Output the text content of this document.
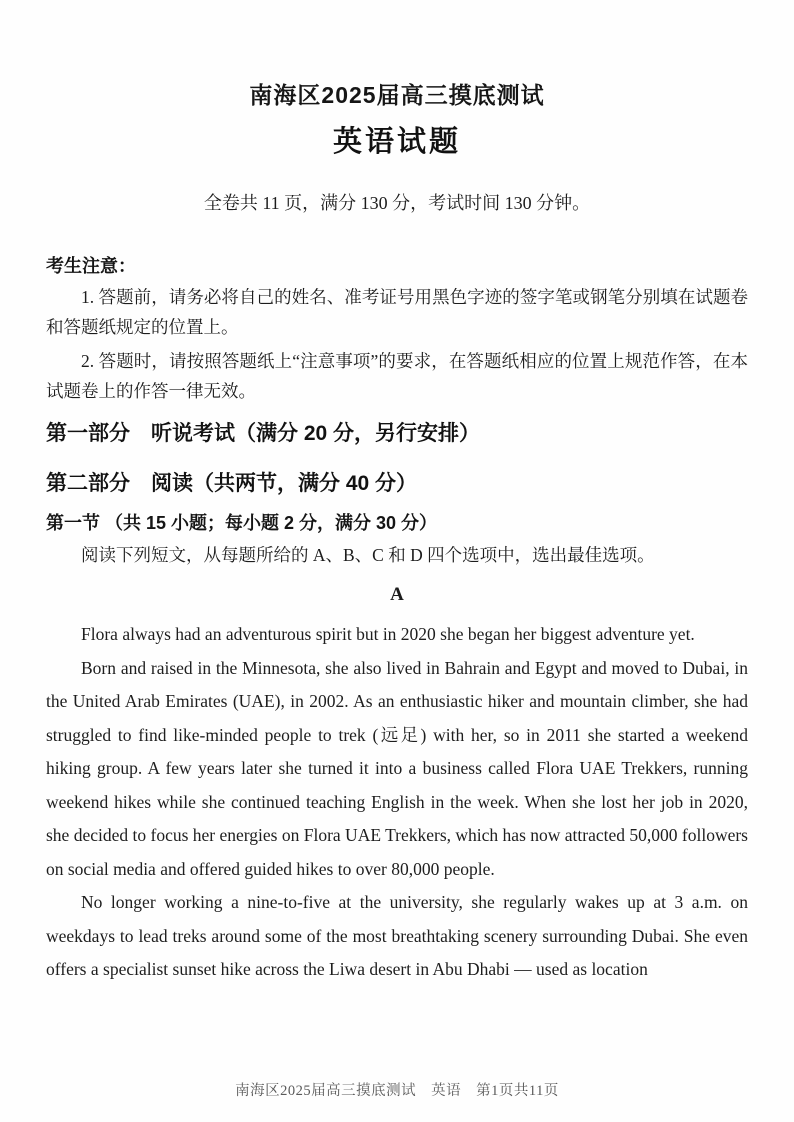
南海区2025届高三摸底测试
英语试题

全卷共 11 页，满分 130 分，考试时间 130 分钟。

考生注意：

1. 答题前，请务必将自己的姓名、准考证号用黑色字迹的签字笔或钢笔分别填在试题卷和答题纸规定的位置上。

2. 答题时，请按照答题纸上“注意事项”的要求，在答题纸相应的位置上规范作答，在本试题卷上的作答一律无效。

第一部分　听说考试（满分 20 分，另行安排）
第二部分　阅读（共两节，满分 40 分）

第一节 （共 15 小题；每小题 2 分，满分 30 分）

阅读下列短文，从每题所给的 A、B、C 和 D 四个选项中，选出最佳选项。

A

Flora always had an adventurous spirit but in 2020 she began her biggest adventure yet.

Born and raised in the Minnesota, she also lived in Bahrain and Egypt and moved to Dubai, in the United Arab Emirates (UAE), in 2002. As an enthusiastic hiker and mountain climber, she had struggled to find like-minded people to trek (远足) with her, so in 2011 she started a weekend hiking group. A few years later she turned it into a business called Flora UAE Trekkers, running weekend hikes while she continued teaching English in the week. When she lost her job in 2020, she decided to focus her energies on Flora UAE Trekkers, which has now attracted 50,000 followers on social media and offered guided hikes to over 80,000 people.

No longer working a nine-to-five at the university, she regularly wakes up at 3 a.m. on weekdays to lead treks around some of the most breathtaking scenery surrounding Dubai. She even offers a specialist sunset hike across the Liwa desert in Abu Dhabi — used as location

南海区2025届高三摸底测试　英语　第1页共11页
